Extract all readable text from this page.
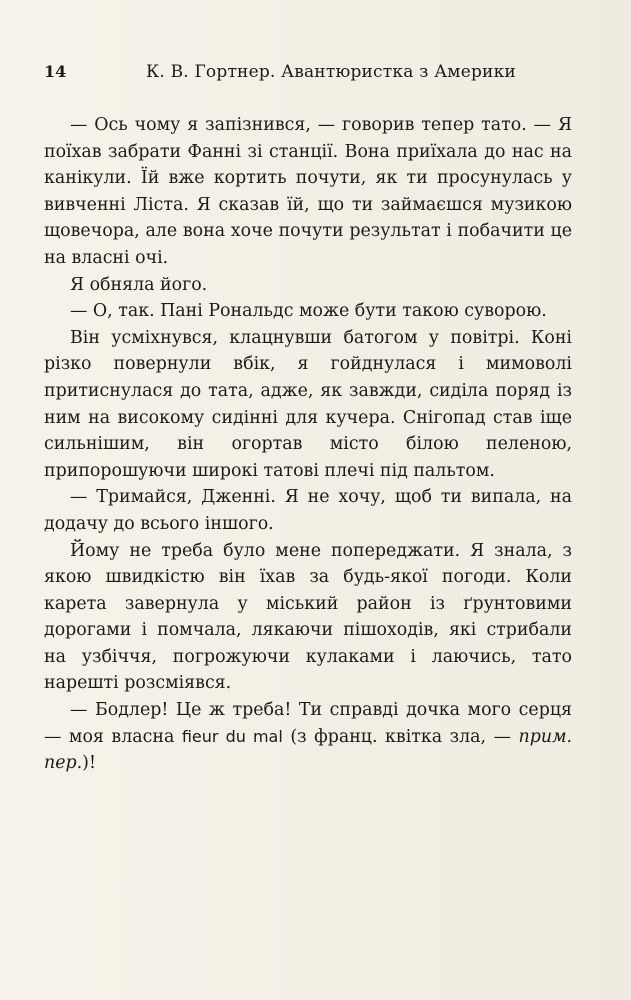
14	К. В. Гортнер. Авантюристка з Америки

— Ось чому я запізнився, — говорив тепер тато. — Я поїхав забрати Фанні зі станції. Вона приїхала до нас на канікули. Їй вже кортить почути, як ти просунулась у вивченні Ліста. Я сказав їй, що ти займаєшся музикою щовечора, але вона хоче почути результат і побачити це на власні очі.

Я обняла його.

— О, так. Пані Рональдс може бути такою суворою.

Він усміхнувся, клацнувши батогом у повітрі. Коні різко повернули вбік, я гойднулася і мимоволі притиснулася до тата, адже, як завжди, сиділа поряд із ним на високому сидінні для кучера. Снігопад став іще сильнішим, він огортав місто білою пеленою, припорошуючи широкі татові плечі під пальтом.

— Тримайся, Дженні. Я не хочу, щоб ти випала, на додачу до всього іншого.

Йому не треба було мене попереджати. Я знала, з якою швидкістю він їхав за будь-якої погоди. Коли карета завернула у міський район із ґрунтовими дорогами і помчала, лякаючи пішоходів, які стрибали на узбіччя, погрожуючи кулаками і лаючись, тато нарешті розсміявся.

— Бодлер! Це ж треба! Ти справді дочка мого серця — моя власна fieur du mal (з франц. квітка зла, — прим. пер.)!
